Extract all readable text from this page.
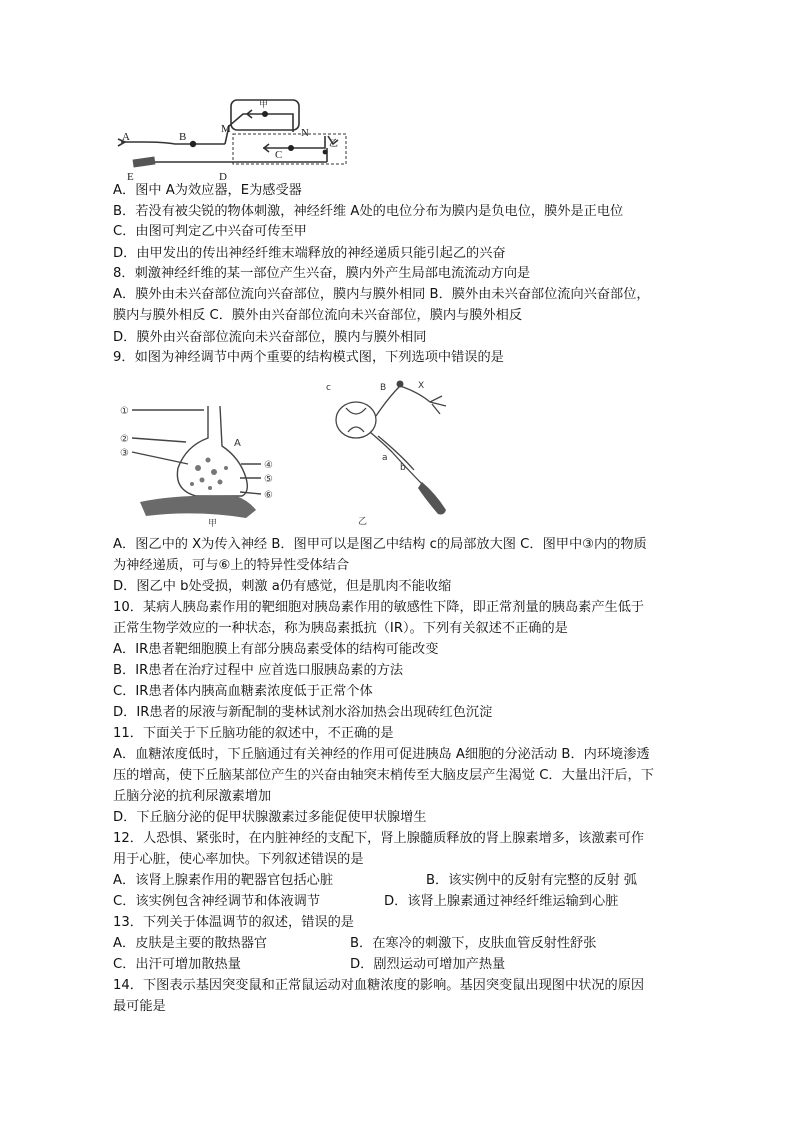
A	B
M
甲
N
C
乙
E	D
A．图中 A为效应器，E为感受器
B．若没有被尖锐的物体刺激，神经纤维 A处的电位分布为膜内是负电位，膜外是正电位
C．由图可判定乙中兴奋可传至甲
D．由甲发出的传出神经纤维末端释放的神经递质只能引起乙的兴奋
8．刺激神经纤维的某一部位产生兴奋，膜内外产生局部电流流动方向是
A．膜外由未兴奋部位流向兴奋部位，膜内与膜外相同 B．膜外由未兴奋部位流向兴奋部位，
膜内与膜外相反 C．膜外由兴奋部位流向未兴奋部位，膜内与膜外相反
D．膜外由兴奋部位流向未兴奋部位，膜内与膜外相同
9．如图为神经调节中两个重要的结构模式图，下列选项中错误的是
①
②
③
A
④
⑤
⑥
甲
B
c	X
a
b
乙
A．图乙中的 X为传入神经 B．图甲可以是图乙中结构 c的局部放大图 C．图甲中③内的物质
为神经递质，可与⑥上的特异性受体结合
D．图乙中 b处受损，刺激 a仍有感觉，但是肌肉不能收缩
10．某病人胰岛素作用的靶细胞对胰岛素作用的敏感性下降，即正常剂量的胰岛素产生低于
正常生物学效应的一种状态，称为胰岛素抵抗（IR）。下列有关叙述不正确的是
A．IR患者靶细胞膜上有部分胰岛素受体的结构可能改变
B．IR患者在治疗过程中 应首选口服胰岛素的方法
C．IR患者体内胰高血糖素浓度低于正常个体
D．IR患者的尿液与新配制的斐林试剂水浴加热会出现砖红色沉淀
11．下面关于下丘脑功能的叙述中，不正确的是
A．血糖浓度低时，下丘脑通过有关神经的作用可促进胰岛 A细胞的分泌活动 B．内环境渗透
压的增高，使下丘脑某部位产生的兴奋由轴突末梢传至大脑皮层产生渴觉 C．大量出汗后，下
丘脑分泌的抗利尿激素增加
D．下丘脑分泌的促甲状腺激素过多能促使甲状腺增生
12．人恐惧、紧张时，在内脏神经的支配下，肾上腺髓质释放的肾上腺素增多，该激素可作
用于心脏，使心率加快。下列叙述错误的是
A．该肾上腺素作用的靶器官包括心脏	B．该实例中的反射有完整的反射 弧
C．该实例包含神经调节和体液调节	D．该肾上腺素通过神经纤维运输到心脏
13．下列关于体温调节的叙述，错误的是
A．皮肤是主要的散热器官	B．在寒冷的刺激下，皮肤血管反射性舒张
C．出汗可增加散热量	D．剧烈运动可增加产热量
14．下图表示基因突变鼠和正常鼠运动对血糖浓度的影响。基因突变鼠出现图中状况的原因
最可能是
